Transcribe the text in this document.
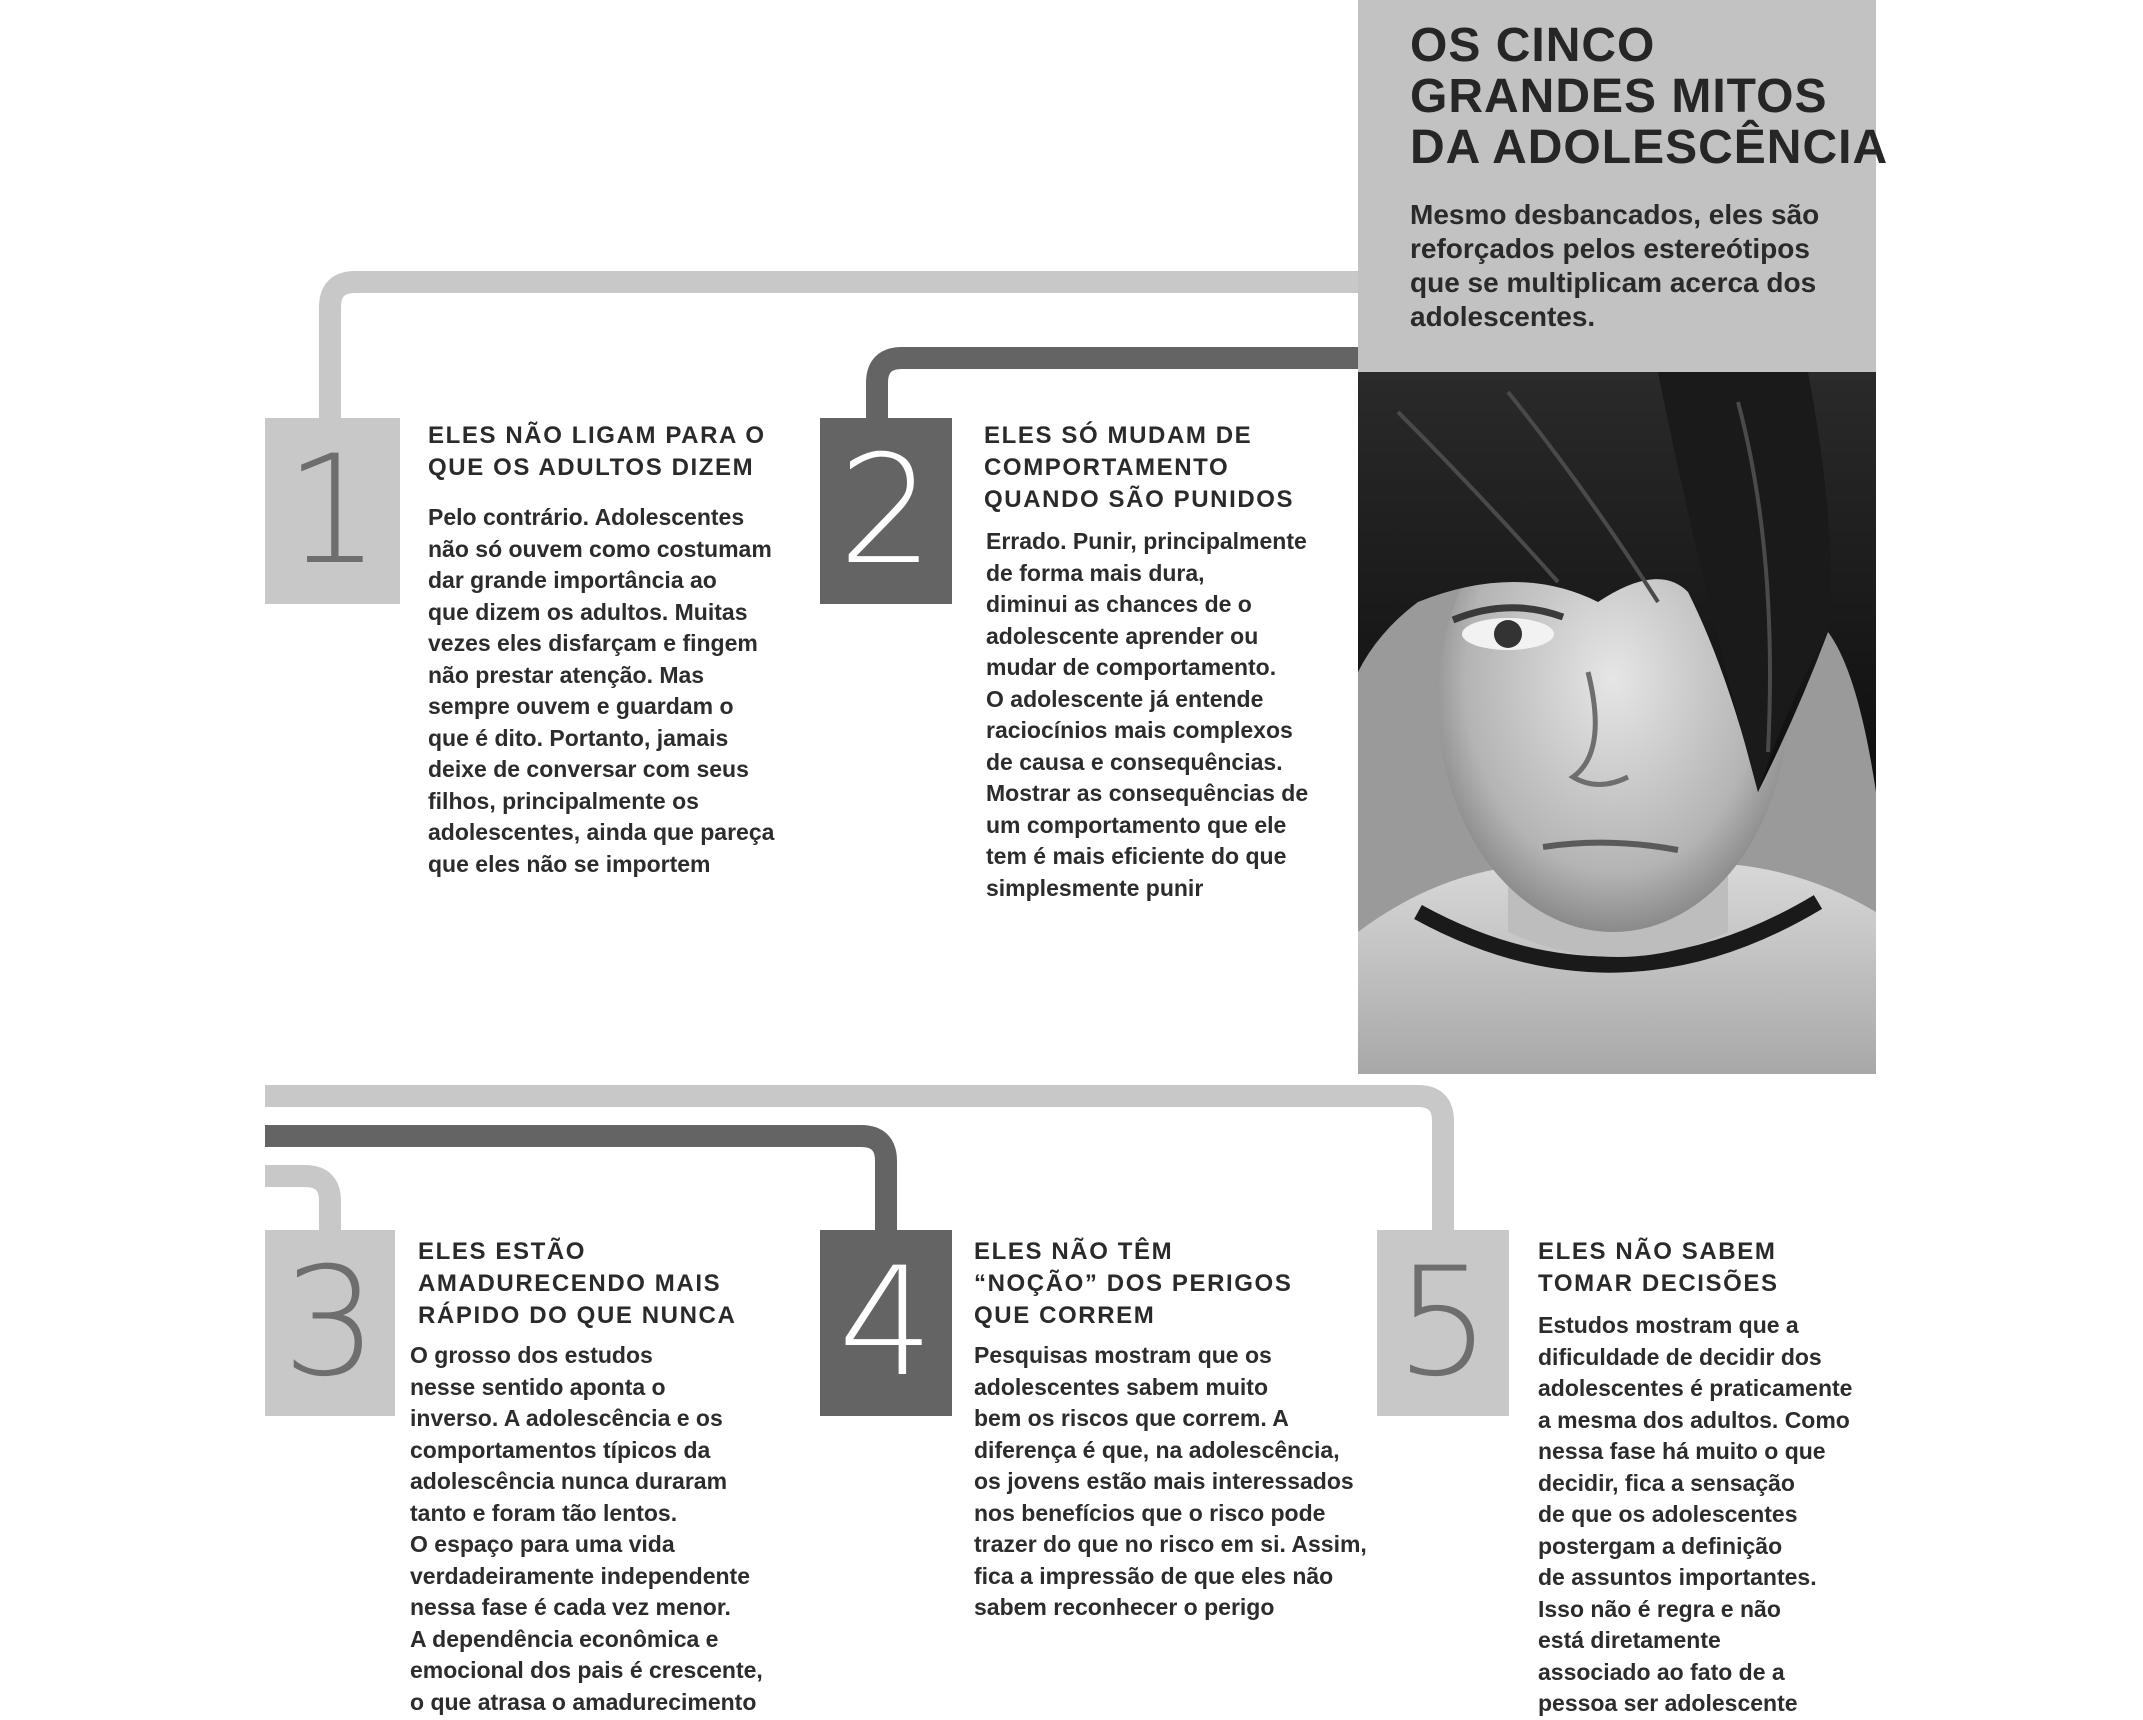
OS CINCO
GRANDES MITOS
DA ADOLESCÊNCIA

Mesmo desbancados, eles são
reforçados pelos estereótipos
que se multiplicam acerca dos
adolescentes.

1	ELES NÃO LIGAM PARA O
QUE OS ADULTOS DIZEM

Pelo contrário. Adolescentes
não só ouvem como costumam
dar grande importância ao
que dizem os adultos. Muitas
vezes eles disfarçam e fingem
não prestar atenção. Mas
sempre ouvem e guardam o
que é dito. Portanto, jamais
deixe de conversar com seus
filhos, principalmente os
adolescentes, ainda que pareça
que eles não se importem

2	ELES SÓ MUDAM DE
COMPORTAMENTO
QUANDO SÃO PUNIDOS

Errado. Punir, principalmente
de forma mais dura,
diminui as chances de o
adolescente aprender ou
mudar de comportamento.
O adolescente já entende
raciocínios mais complexos
de causa e consequências.
Mostrar as consequências de
um comportamento que ele
tem é mais eficiente do que
simplesmente punir

3	ELES ESTÃO
AMADURECENDO MAIS
RÁPIDO DO QUE NUNCA

O grosso dos estudos
nesse sentido aponta o
inverso. A adolescência e os
comportamentos típicos da
adolescência nunca duraram
tanto e foram tão lentos.
O espaço para uma vida
verdadeiramente independente
nessa fase é cada vez menor.
A dependência econômica e
emocional dos pais é crescente,
o que atrasa o amadurecimento

4	ELES NÃO TÊM
“NOÇÃO” DOS PERIGOS
QUE CORREM

Pesquisas mostram que os
adolescentes sabem muito
bem os riscos que correm. A
diferença é que, na adolescência,
os jovens estão mais interessados
nos benefícios que o risco pode
trazer do que no risco em si. Assim,
fica a impressão de que eles não
sabem reconhecer o perigo

5	ELES NÃO SABEM
TOMAR DECISÕES

Estudos mostram que a
dificuldade de decidir dos
adolescentes é praticamente
a mesma dos adultos. Como
nessa fase há muito o que
decidir, fica a sensação
de que os adolescentes
postergam a definição
de assuntos importantes.
Isso não é regra e não
está diretamente
associado ao fato de a
pessoa ser adolescente
